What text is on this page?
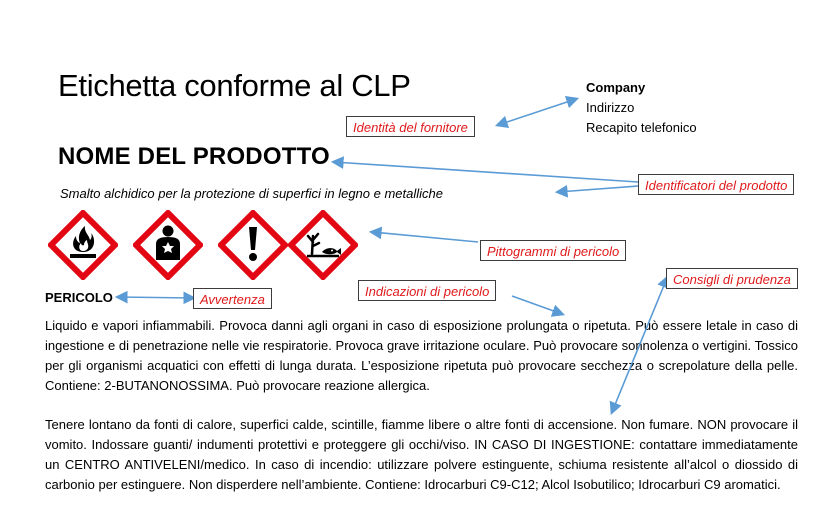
Etichetta conforme al CLP	Company
Indirizzo
Recapito telefonico
NOME DEL PRODOTTO
Smalto alchidico per la protezione di superfici in legno e metalliche
PERICOLO
Liquido e vapori infiammabili. Provoca danni agli organi in caso di esposizione prolungata o ripetuta. Può essere letale in caso di ingestione e di penetrazione nelle vie respiratorie. Provoca grave irritazione oculare. Può provocare sonnolenza o vertigini. Tossico per gli organismi acquatici con effetti di lunga durata. L’esposizione ripetuta può provocare secchezza o screpolature della pelle. Contiene: 2-BUTANONOSSIMA. Può provocare reazione allergica.
Tenere lontano da fonti di calore, superfici calde, scintille, fiamme libere o altre fonti di accensione. Non fumare. NON provocare il vomito. Indossare guanti/ indumenti protettivi e proteggere gli occhi/viso. IN CASO DI INGESTIONE: contattare immediatamente un CENTRO ANTIVELENI/medico. In caso di incendio: utilizzare polvere estinguente, schiuma resistente all’alcol o diossido di carbonio per estinguere. Non disperdere nell’ambiente. Contiene: Idrocarburi C9-C12; Alcol Isobutilico; Idrocarburi C9 aromatici.
Identità del fornitore
Identificatori del prodotto
Pittogrammi di pericolo
Avvertenza
Indicazioni di pericolo
Consigli di prudenza
